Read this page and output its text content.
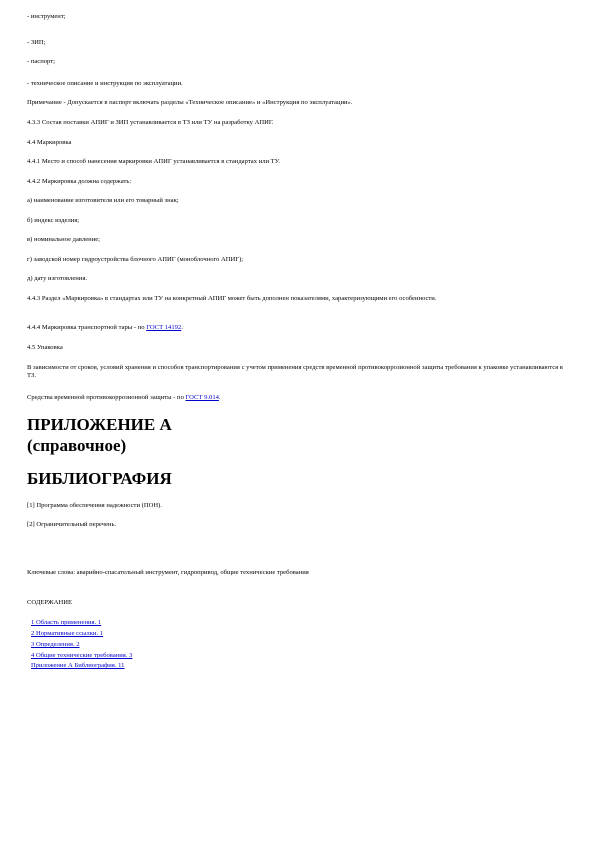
- инструмент;
- ЗИП;
- паспорт;
- техническое описание и инструкция по эксплуатации.
Примечание - Допускается в паспорт включать разделы «Техническое описание» и «Инструкция по эксплуатации».
4.3.3 Состав поставки АПИГ и ЗИП устанавливается в ТЗ или ТУ на разработку АПИГ.
4.4 Маркировка
4.4.1 Место и способ нанесения маркировки АПИГ устанавливается в стандартах или ТУ.
4.4.2 Маркировка должна содержать:
а) наименование изготовителя или его товарный знак;
б) индекс изделия;
в) номинальное давление;
г) заводской номер гидроустройства блочного АПИГ (моноблочного АПИГ);
д) дату изготовления.
4.4.3 Раздел «Маркировка» в стандартах или ТУ на конкретный АПИГ может быть дополнен показателями, характеризующими его особенности.
4.4.4 Маркировка транспортной тары - по ГОСТ 14192.
4.5 Упаковка
В зависимости от сроков, условий хранения и способов транспортирования с учетом применения средств временной противокоррозионной защиты требования к упаковке устанавливаются в ТЗ.
Средства временной противокоррозионной защиты - по ГОСТ 9.014.
ПРИЛОЖЕНИЕ А
(справочное)
БИБЛИОГРАФИЯ
[1] Программа обеспечения надежности (ПОН).
[2] Ограничительный перечень.
Ключевые слова: аварийно-спасательный инструмент, гидропривод, общие технические требования
СОДЕРЖАНИЕ
1 Область применения. 1
2 Нормативные ссылки. 1
3 Определения. 2
4 Общие технические требования. 3
Приложение А Библиография. 11
